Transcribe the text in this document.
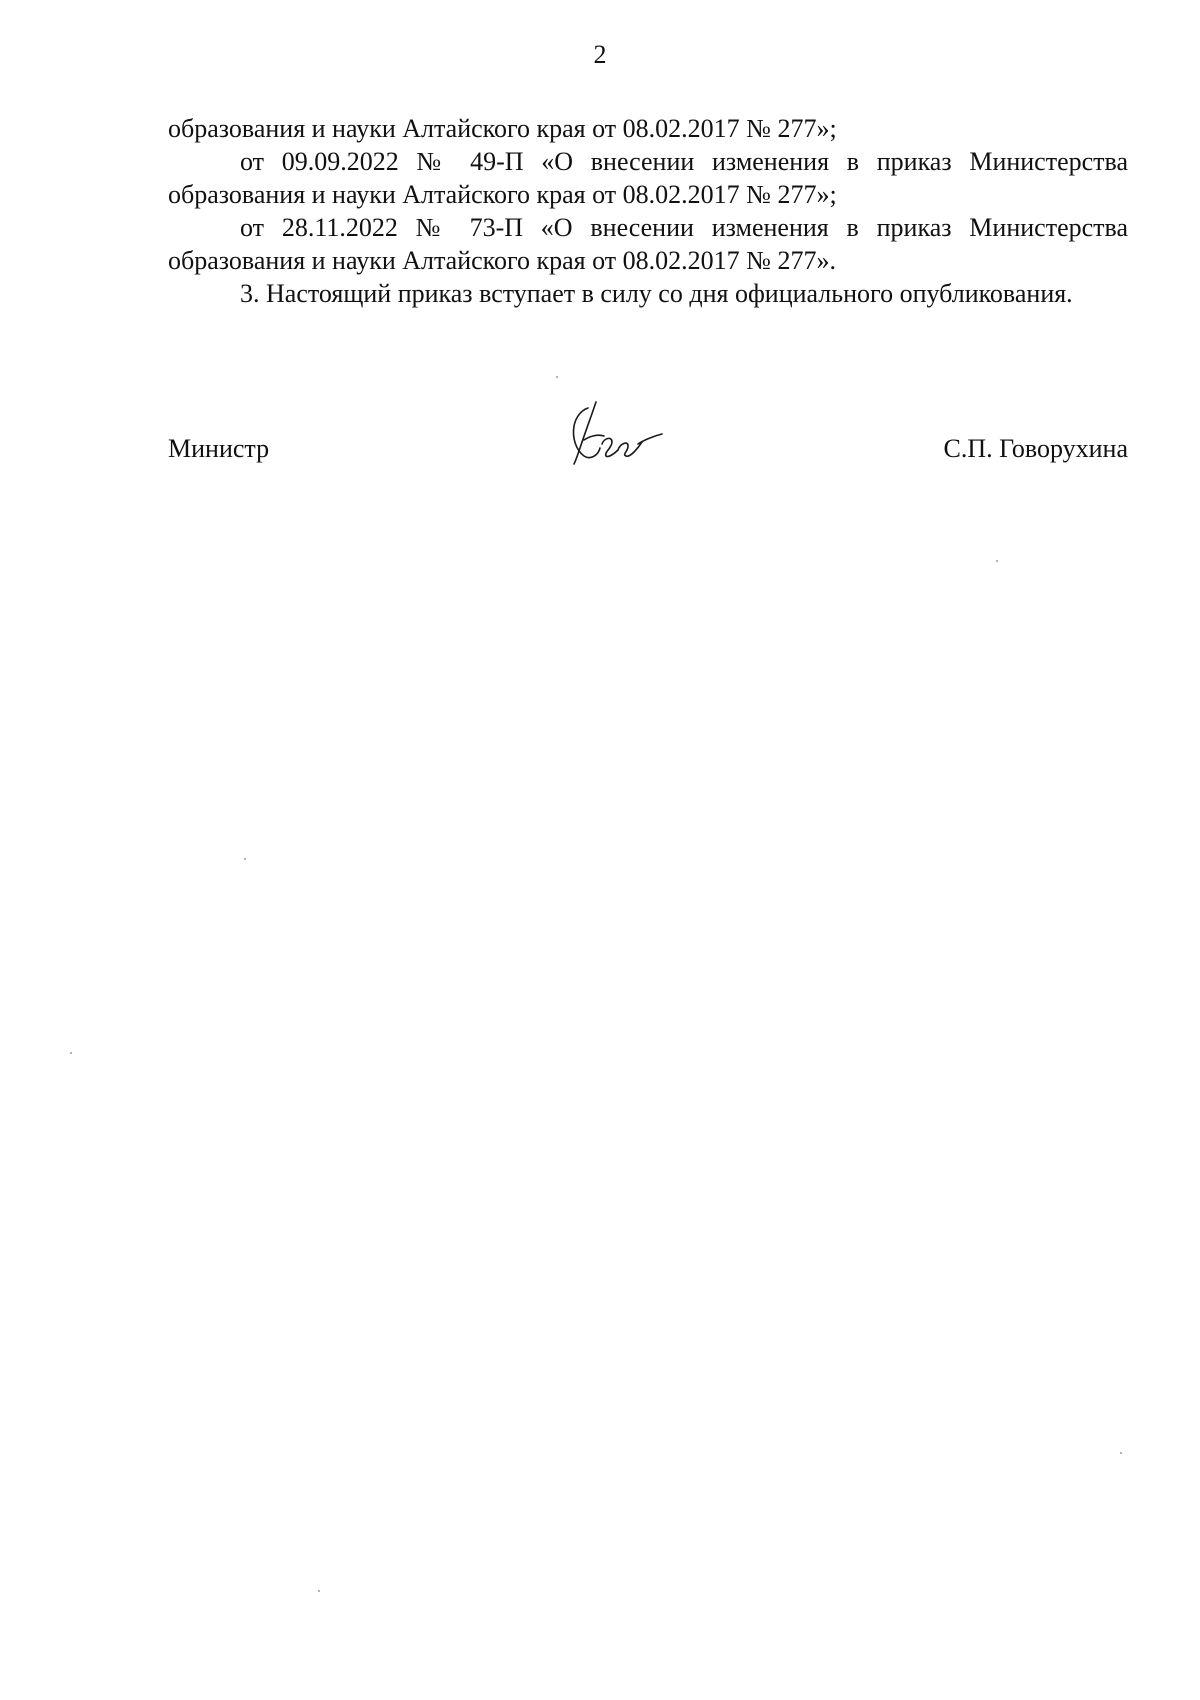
2

образования и науки Алтайского края от 08.02.2017 № 277»;

от 09.09.2022 № 49-П «О внесении изменения в приказ Министерства образования и науки Алтайского края от 08.02.2017 № 277»;

от 28.11.2022 № 73-П «О внесении изменения в приказ Министерства образования и науки Алтайского края от 08.02.2017 № 277».

3. Настоящий приказ вступает в силу со дня официального опубликования.

Министр	С.П. Говорухина
